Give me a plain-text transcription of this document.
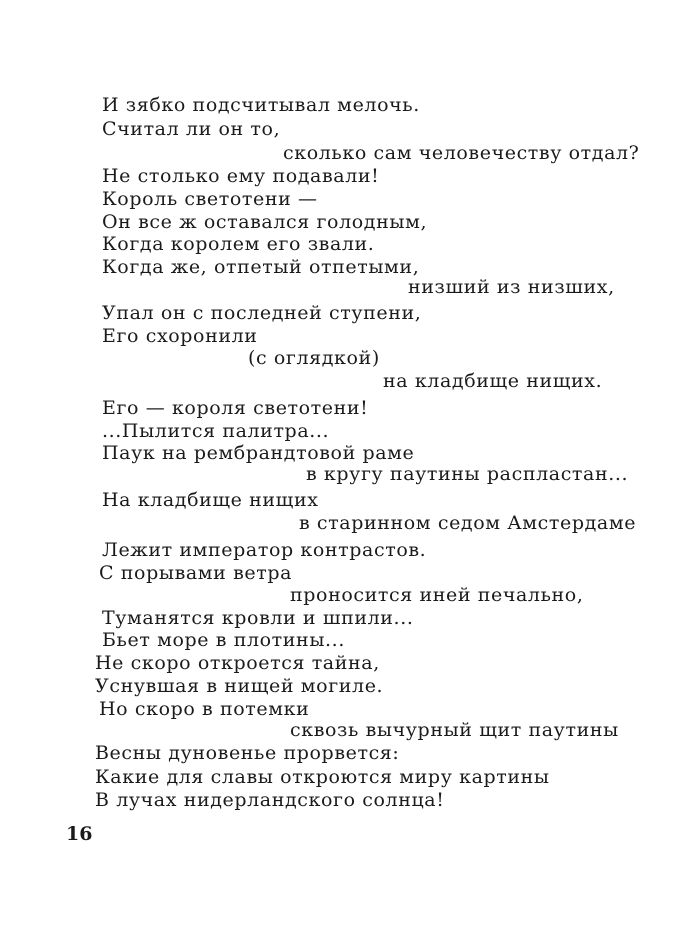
И зябко подсчитывал мелочь.
Считал ли он то,
сколько сам человечеству отдал?
Не столько ему подавали!
Король светотени —
Он все ж оставался голодным,
Когда королем его звали.
Когда же, отпетый отпетыми,
низший из низших,
Упал он с последней ступени,
Его схоронили
(с оглядкой)
на кладбище нищих.
Его — короля светотени!
...Пылится палитра...
Паук на рембрандтовой раме
в кругу паутины распластан...
На кладбище нищих
в старинном седом Амстердаме
Лежит император контрастов.
С порывами ветра
проносится иней печально,
Туманятся кровли и шпили...
Бьет море в плотины...
Не скоро откроется тайна,
Уснувшая в нищей могиле.
Но скоро в потемки
сквозь вычурный щит паутины
Весны дуновенье прорвется:
Какие для славы откроются миру картины
В лучах нидерландского солнца!
16
